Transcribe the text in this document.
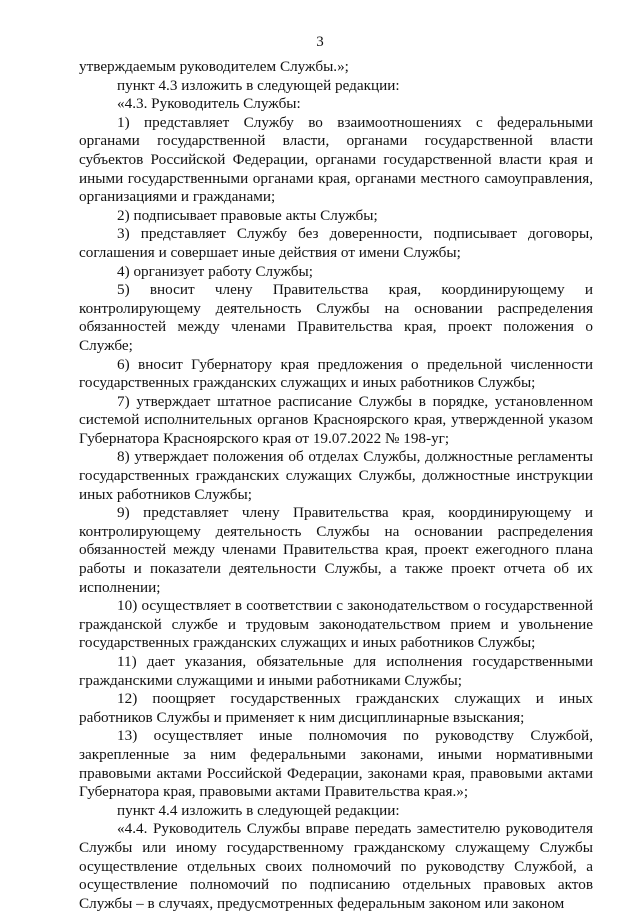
3

утверждаемым руководителем Службы.»;

пункт 4.3 изложить в следующей редакции:

«4.3. Руководитель Службы:

1) представляет Службу во взаимоотношениях с федеральными органами государственной власти, органами государственной власти субъектов Российской Федерации, органами государственной власти края и иными государственными органами края, органами местного самоуправления, организациями и гражданами;

2) подписывает правовые акты Службы;

3) представляет Службу без доверенности, подписывает договоры, соглашения и совершает иные действия от имени Службы;

4) организует работу Службы;

5) вносит члену Правительства края, координирующему и контролирующему деятельность Службы на основании распределения обязанностей между членами Правительства края, проект положения о Службе;

6) вносит Губернатору края предложения о предельной численности государственных гражданских служащих и иных работников Службы;

7) утверждает штатное расписание Службы в порядке, установленном системой исполнительных органов Красноярского края, утвержденной указом Губернатора Красноярского края от 19.07.2022 № 198-уг;

8) утверждает положения об отделах Службы, должностные регламенты государственных гражданских служащих Службы, должностные инструкции иных работников Службы;

9) представляет члену Правительства края, координирующему и контролирующему деятельность Службы на основании распределения обязанностей между членами Правительства края, проект ежегодного плана работы и показатели деятельности Службы, а также проект отчета об их исполнении;

10) осуществляет в соответствии с законодательством о государственной гражданской службе и трудовым законодательством прием и увольнение государственных гражданских служащих и иных работников Службы;

11) дает указания, обязательные для исполнения государственными гражданскими служащими и иными работниками Службы;

12) поощряет государственных гражданских служащих и иных работников Службы и применяет к ним дисциплинарные взыскания;

13) осуществляет иные полномочия по руководству Службой, закрепленные за ним федеральными законами, иными нормативными правовыми актами Российской Федерации, законами края, правовыми актами Губернатора края, правовыми актами Правительства края.»;

пункт 4.4 изложить в следующей редакции:

«4.4. Руководитель Службы вправе передать заместителю руководителя Службы или иному государственному гражданскому служащему Службы осуществление отдельных своих полномочий по руководству Службой, а осуществление полномочий по подписанию отдельных правовых актов Службы – в случаях, предусмотренных федеральным законом или законом
